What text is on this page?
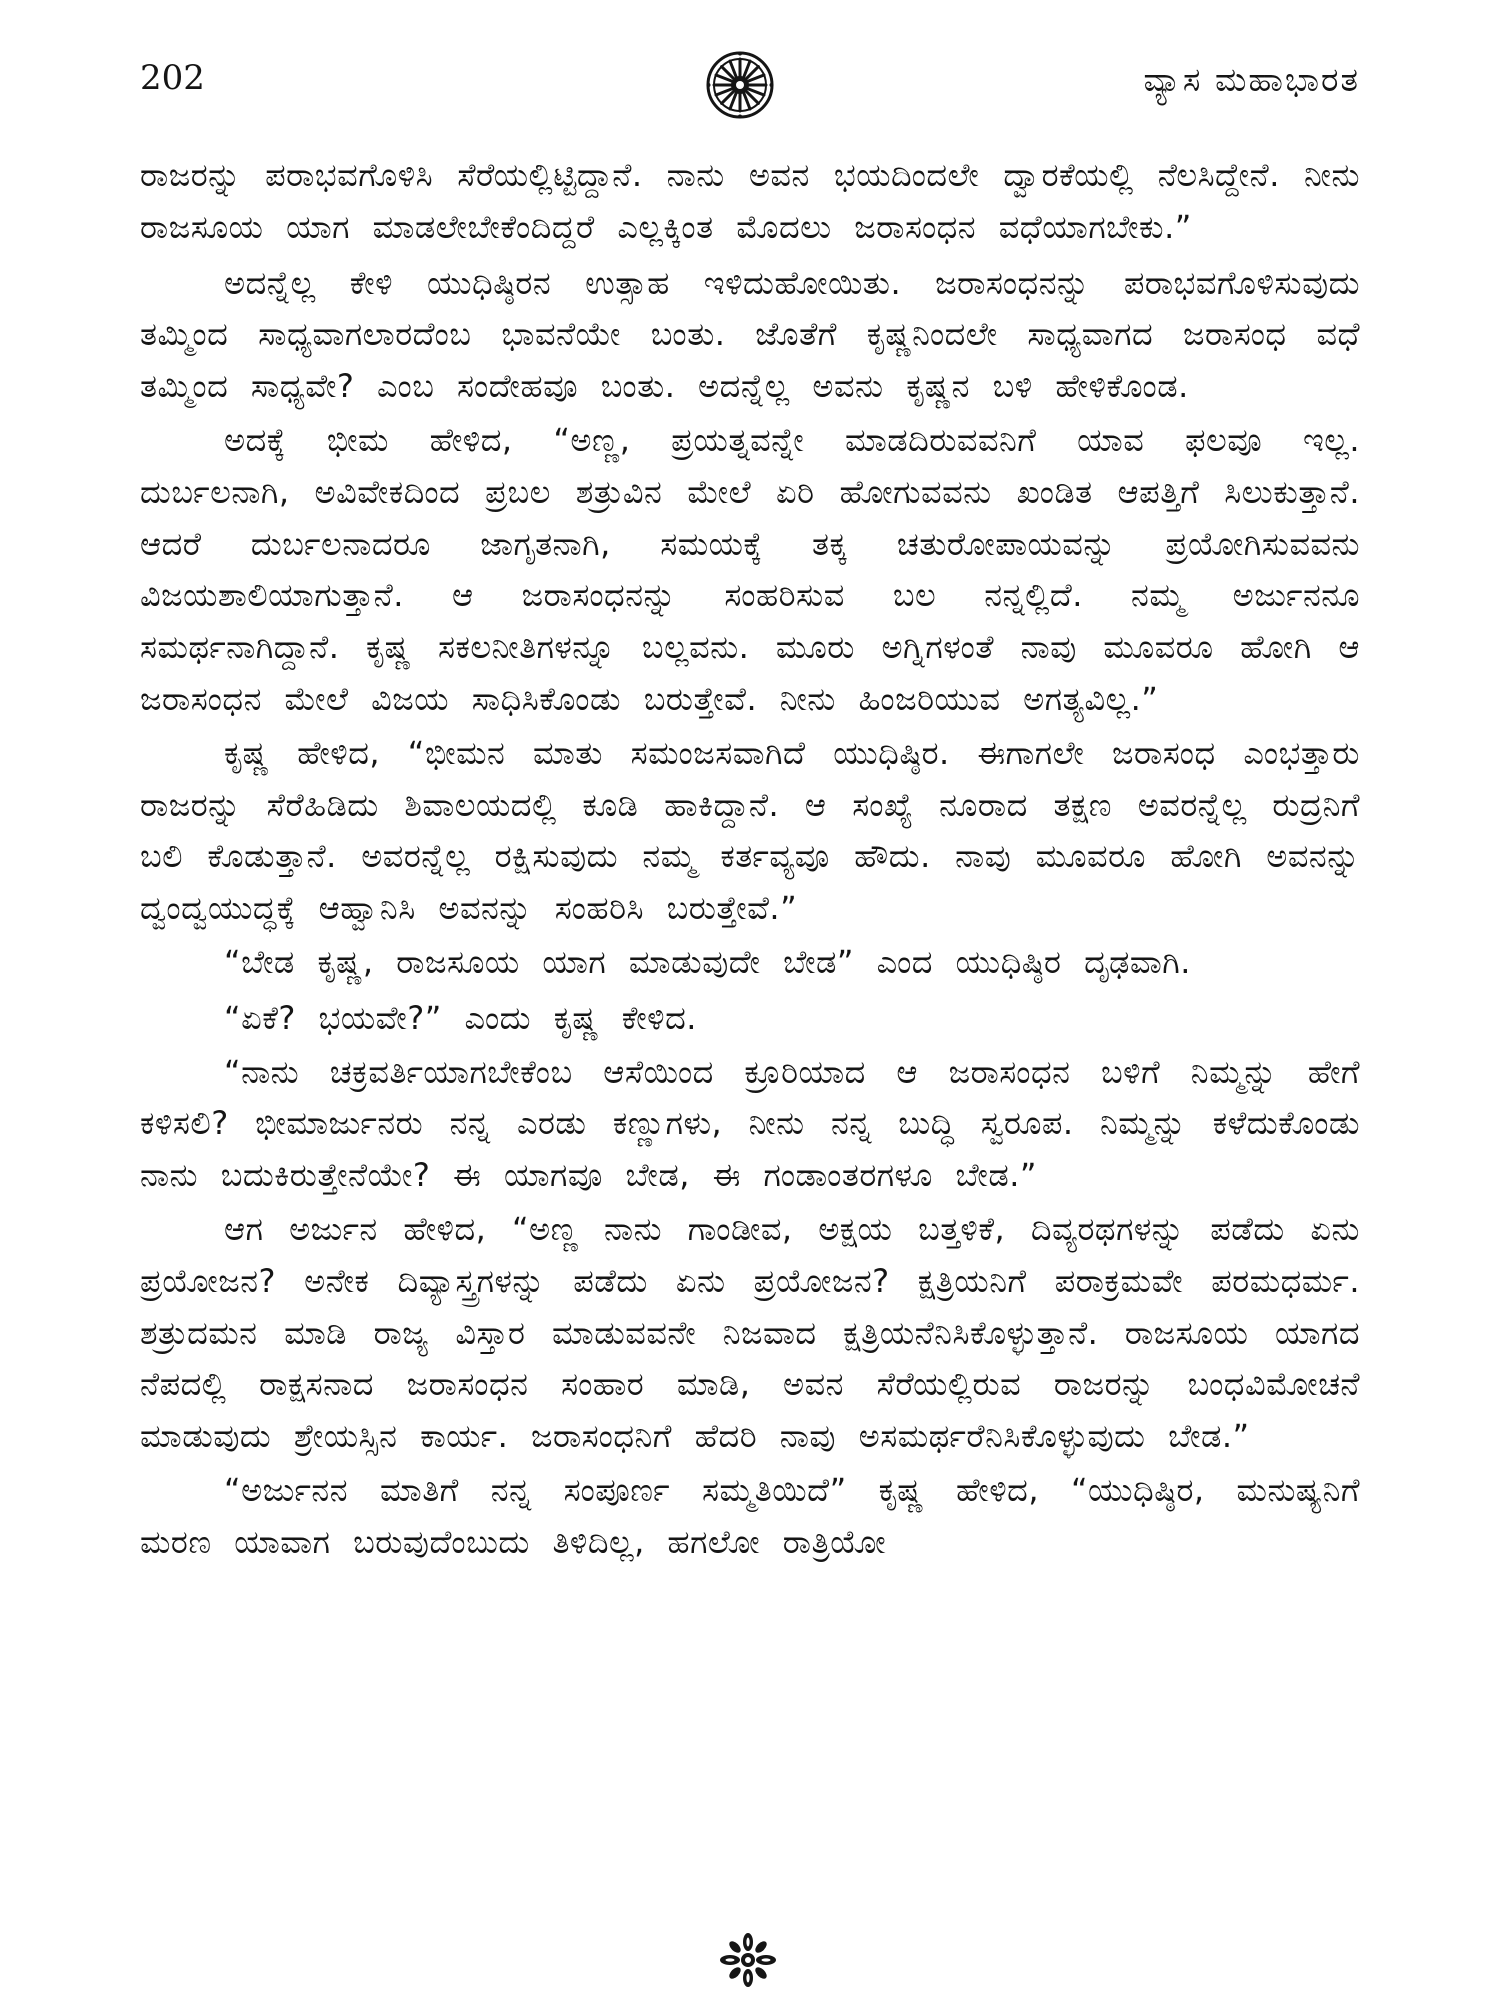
202	ವ್ಯಾಸ ಮಹಾಭಾರತ

ರಾಜರನ್ನು ಪರಾಭವಗೊಳಿಸಿ ಸೆರೆಯಲ್ಲಿಟ್ಟಿದ್ದಾನೆ. ನಾನು ಅವನ ಭಯದಿಂದಲೇ ದ್ವಾರಕೆಯಲ್ಲಿ ನೆಲಸಿದ್ದೇನೆ. ನೀನು ರಾಜಸೂಯ ಯಾಗ ಮಾಡಲೇಬೇಕೆಂದಿದ್ದರೆ ಎಲ್ಲಕ್ಕಿಂತ ಮೊದಲು ಜರಾಸಂಧನ ವಧೆಯಾಗಬೇಕು.”

ಅದನ್ನೆಲ್ಲ ಕೇಳಿ ಯುಧಿಷ್ಠಿರನ ಉತ್ಸಾಹ ಇಳಿದುಹೋಯಿತು. ಜರಾಸಂಧನನ್ನು ಪರಾಭವಗೊಳಿಸುವುದು ತಮ್ಮಿಂದ ಸಾಧ್ಯವಾಗಲಾರದೆಂಬ ಭಾವನೆಯೇ ಬಂತು. ಜೊತೆಗೆ ಕೃಷ್ಣನಿಂದಲೇ ಸಾಧ್ಯವಾಗದ ಜರಾಸಂಧ ವಧೆ ತಮ್ಮಿಂದ ಸಾಧ್ಯವೇ? ಎಂಬ ಸಂದೇಹವೂ ಬಂತು. ಅದನ್ನೆಲ್ಲ ಅವನು ಕೃಷ್ಣನ ಬಳಿ ಹೇಳಿಕೊಂಡ.

ಅದಕ್ಕೆ ಭೀಮ ಹೇಳಿದ, “ಅಣ್ಣ, ಪ್ರಯತ್ನವನ್ನೇ ಮಾಡದಿರುವವನಿಗೆ ಯಾವ ಫಲವೂ ಇಲ್ಲ. ದುರ್ಬಲನಾಗಿ, ಅವಿವೇಕದಿಂದ ಪ್ರಬಲ ಶತ್ರುವಿನ ಮೇಲೆ ಏರಿ ಹೋಗುವವನು ಖಂಡಿತ ಆಪತ್ತಿಗೆ ಸಿಲುಕುತ್ತಾನೆ. ಆದರೆ ದುರ್ಬಲನಾದರೂ ಜಾಗೃತನಾಗಿ, ಸಮಯಕ್ಕೆ ತಕ್ಕ ಚತುರೋಪಾಯವನ್ನು ಪ್ರಯೋಗಿಸುವವನು ವಿಜಯಶಾಲಿಯಾಗುತ್ತಾನೆ. ಆ ಜರಾಸಂಧನನ್ನು ಸಂಹರಿಸುವ ಬಲ ನನ್ನಲ್ಲಿದೆ. ನಮ್ಮ ಅರ್ಜುನನೂ ಸಮರ್ಥನಾಗಿದ್ದಾನೆ. ಕೃಷ್ಣ ಸಕಲನೀತಿಗಳನ್ನೂ ಬಲ್ಲವನು. ಮೂರು ಅಗ್ನಿಗಳಂತೆ ನಾವು ಮೂವರೂ ಹೋಗಿ ಆ ಜರಾಸಂಧನ ಮೇಲೆ ವಿಜಯ ಸಾಧಿಸಿಕೊಂಡು ಬರುತ್ತೇವೆ. ನೀನು ಹಿಂಜರಿಯುವ ಅಗತ್ಯವಿಲ್ಲ.”

ಕೃಷ್ಣ ಹೇಳಿದ, “ಭೀಮನ ಮಾತು ಸಮಂಜಸವಾಗಿದೆ ಯುಧಿಷ್ಠಿರ. ಈಗಾಗಲೇ ಜರಾಸಂಧ ಎಂಭತ್ತಾರು ರಾಜರನ್ನು ಸೆರೆಹಿಡಿದು ಶಿವಾಲಯದಲ್ಲಿ ಕೂಡಿ ಹಾಕಿದ್ದಾನೆ. ಆ ಸಂಖ್ಯೆ ನೂರಾದ ತಕ್ಷಣ ಅವರನ್ನೆಲ್ಲ ರುದ್ರನಿಗೆ ಬಲಿ ಕೊಡುತ್ತಾನೆ. ಅವರನ್ನೆಲ್ಲ ರಕ್ಷಿಸುವುದು ನಮ್ಮ ಕರ್ತವ್ಯವೂ ಹೌದು. ನಾವು ಮೂವರೂ ಹೋಗಿ ಅವನನ್ನು ದ್ವಂದ್ವಯುದ್ಧಕ್ಕೆ ಆಹ್ವಾನಿಸಿ ಅವನನ್ನು ಸಂಹರಿಸಿ ಬರುತ್ತೇವೆ.”

“ಬೇಡ ಕೃಷ್ಣ, ರಾಜಸೂಯ ಯಾಗ ಮಾಡುವುದೇ ಬೇಡ” ಎಂದ ಯುಧಿಷ್ಠಿರ ದೃಢವಾಗಿ.

“ಏಕೆ? ಭಯವೇ?” ಎಂದು ಕೃಷ್ಣ ಕೇಳಿದ.

“ನಾನು ಚಕ್ರವರ್ತಿಯಾಗಬೇಕೆಂಬ ಆಸೆಯಿಂದ ಕ್ರೂರಿಯಾದ ಆ ಜರಾಸಂಧನ ಬಳಿಗೆ ನಿಮ್ಮನ್ನು ಹೇಗೆ ಕಳಿಸಲಿ? ಭೀಮಾರ್ಜುನರು ನನ್ನ ಎರಡು ಕಣ್ಣುಗಳು, ನೀನು ನನ್ನ ಬುದ್ಧಿ ಸ್ವರೂಪ. ನಿಮ್ಮನ್ನು ಕಳೆದುಕೊಂಡು ನಾನು ಬದುಕಿರುತ್ತೇನೆಯೇ? ಈ ಯಾಗವೂ ಬೇಡ, ಈ ಗಂಡಾಂತರಗಳೂ ಬೇಡ.”

ಆಗ ಅರ್ಜುನ ಹೇಳಿದ, “ಅಣ್ಣ ನಾನು ಗಾಂಡೀವ, ಅಕ್ಷಯ ಬತ್ತಳಿಕೆ, ದಿವ್ಯರಥಗಳನ್ನು ಪಡೆದು ಏನು ಪ್ರಯೋಜನ? ಅನೇಕ ದಿವ್ಯಾಸ್ತ್ರಗಳನ್ನು ಪಡೆದು ಏನು ಪ್ರಯೋಜನ? ಕ್ಷತ್ರಿಯನಿಗೆ ಪರಾಕ್ರಮವೇ ಪರಮಧರ್ಮ. ಶತ್ರುದಮನ ಮಾಡಿ ರಾಜ್ಯ ವಿಸ್ತಾರ ಮಾಡುವವನೇ ನಿಜವಾದ ಕ್ಷತ್ರಿಯನೆನಿಸಿಕೊಳ್ಳುತ್ತಾನೆ. ರಾಜಸೂಯ ಯಾಗದ ನೆಪದಲ್ಲಿ ರಾಕ್ಷಸನಾದ ಜರಾಸಂಧನ ಸಂಹಾರ ಮಾಡಿ, ಅವನ ಸೆರೆಯಲ್ಲಿರುವ ರಾಜರನ್ನು ಬಂಧವಿಮೋಚನೆ ಮಾಡುವುದು ಶ್ರೇಯಸ್ಸಿನ ಕಾರ್ಯ. ಜರಾಸಂಧನಿಗೆ ಹೆದರಿ ನಾವು ಅಸಮರ್ಥರೆನಿಸಿಕೊಳ್ಳುವುದು ಬೇಡ.”

“ಅರ್ಜುನನ ಮಾತಿಗೆ ನನ್ನ ಸಂಪೂರ್ಣ ಸಮ್ಮತಿಯಿದೆ” ಕೃಷ್ಣ ಹೇಳಿದ, “ಯುಧಿಷ್ಠಿರ, ಮನುಷ್ಯನಿಗೆ ಮರಣ ಯಾವಾಗ ಬರುವುದೆಂಬುದು ತಿಳಿದಿಲ್ಲ, ಹಗಲೋ ರಾತ್ರಿಯೋ
